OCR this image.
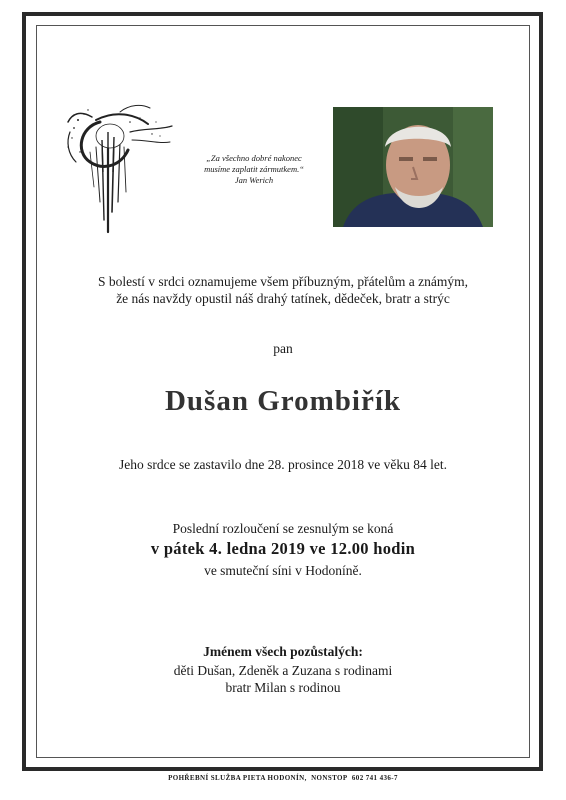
„Za všechno dobré nakonec
musíme zaplatit zármutkem.“
Jan Werich
S bolestí v srdci oznamujeme všem příbuzným, přátelům a známým,
že nás navždy opustil náš drahý tatínek, dědeček, bratr a strýc
pan
Dušan Grombiřík
Jeho srdce se zastavilo dne 28. prosince 2018 ve věku 84 let.
Poslední rozloučení se zesnulým se koná
v pátek 4. ledna 2019 ve 12.00 hodin
ve smuteční síni v Hodoníně.
Jménem všech pozůstalých:
děti Dušan, Zdeněk a Zuzana s rodinami
bratr Milan s rodinou
POHŘEBNÍ SLUŽBA PIETA HODONÍN, NONSTOP 602 741 436-7
